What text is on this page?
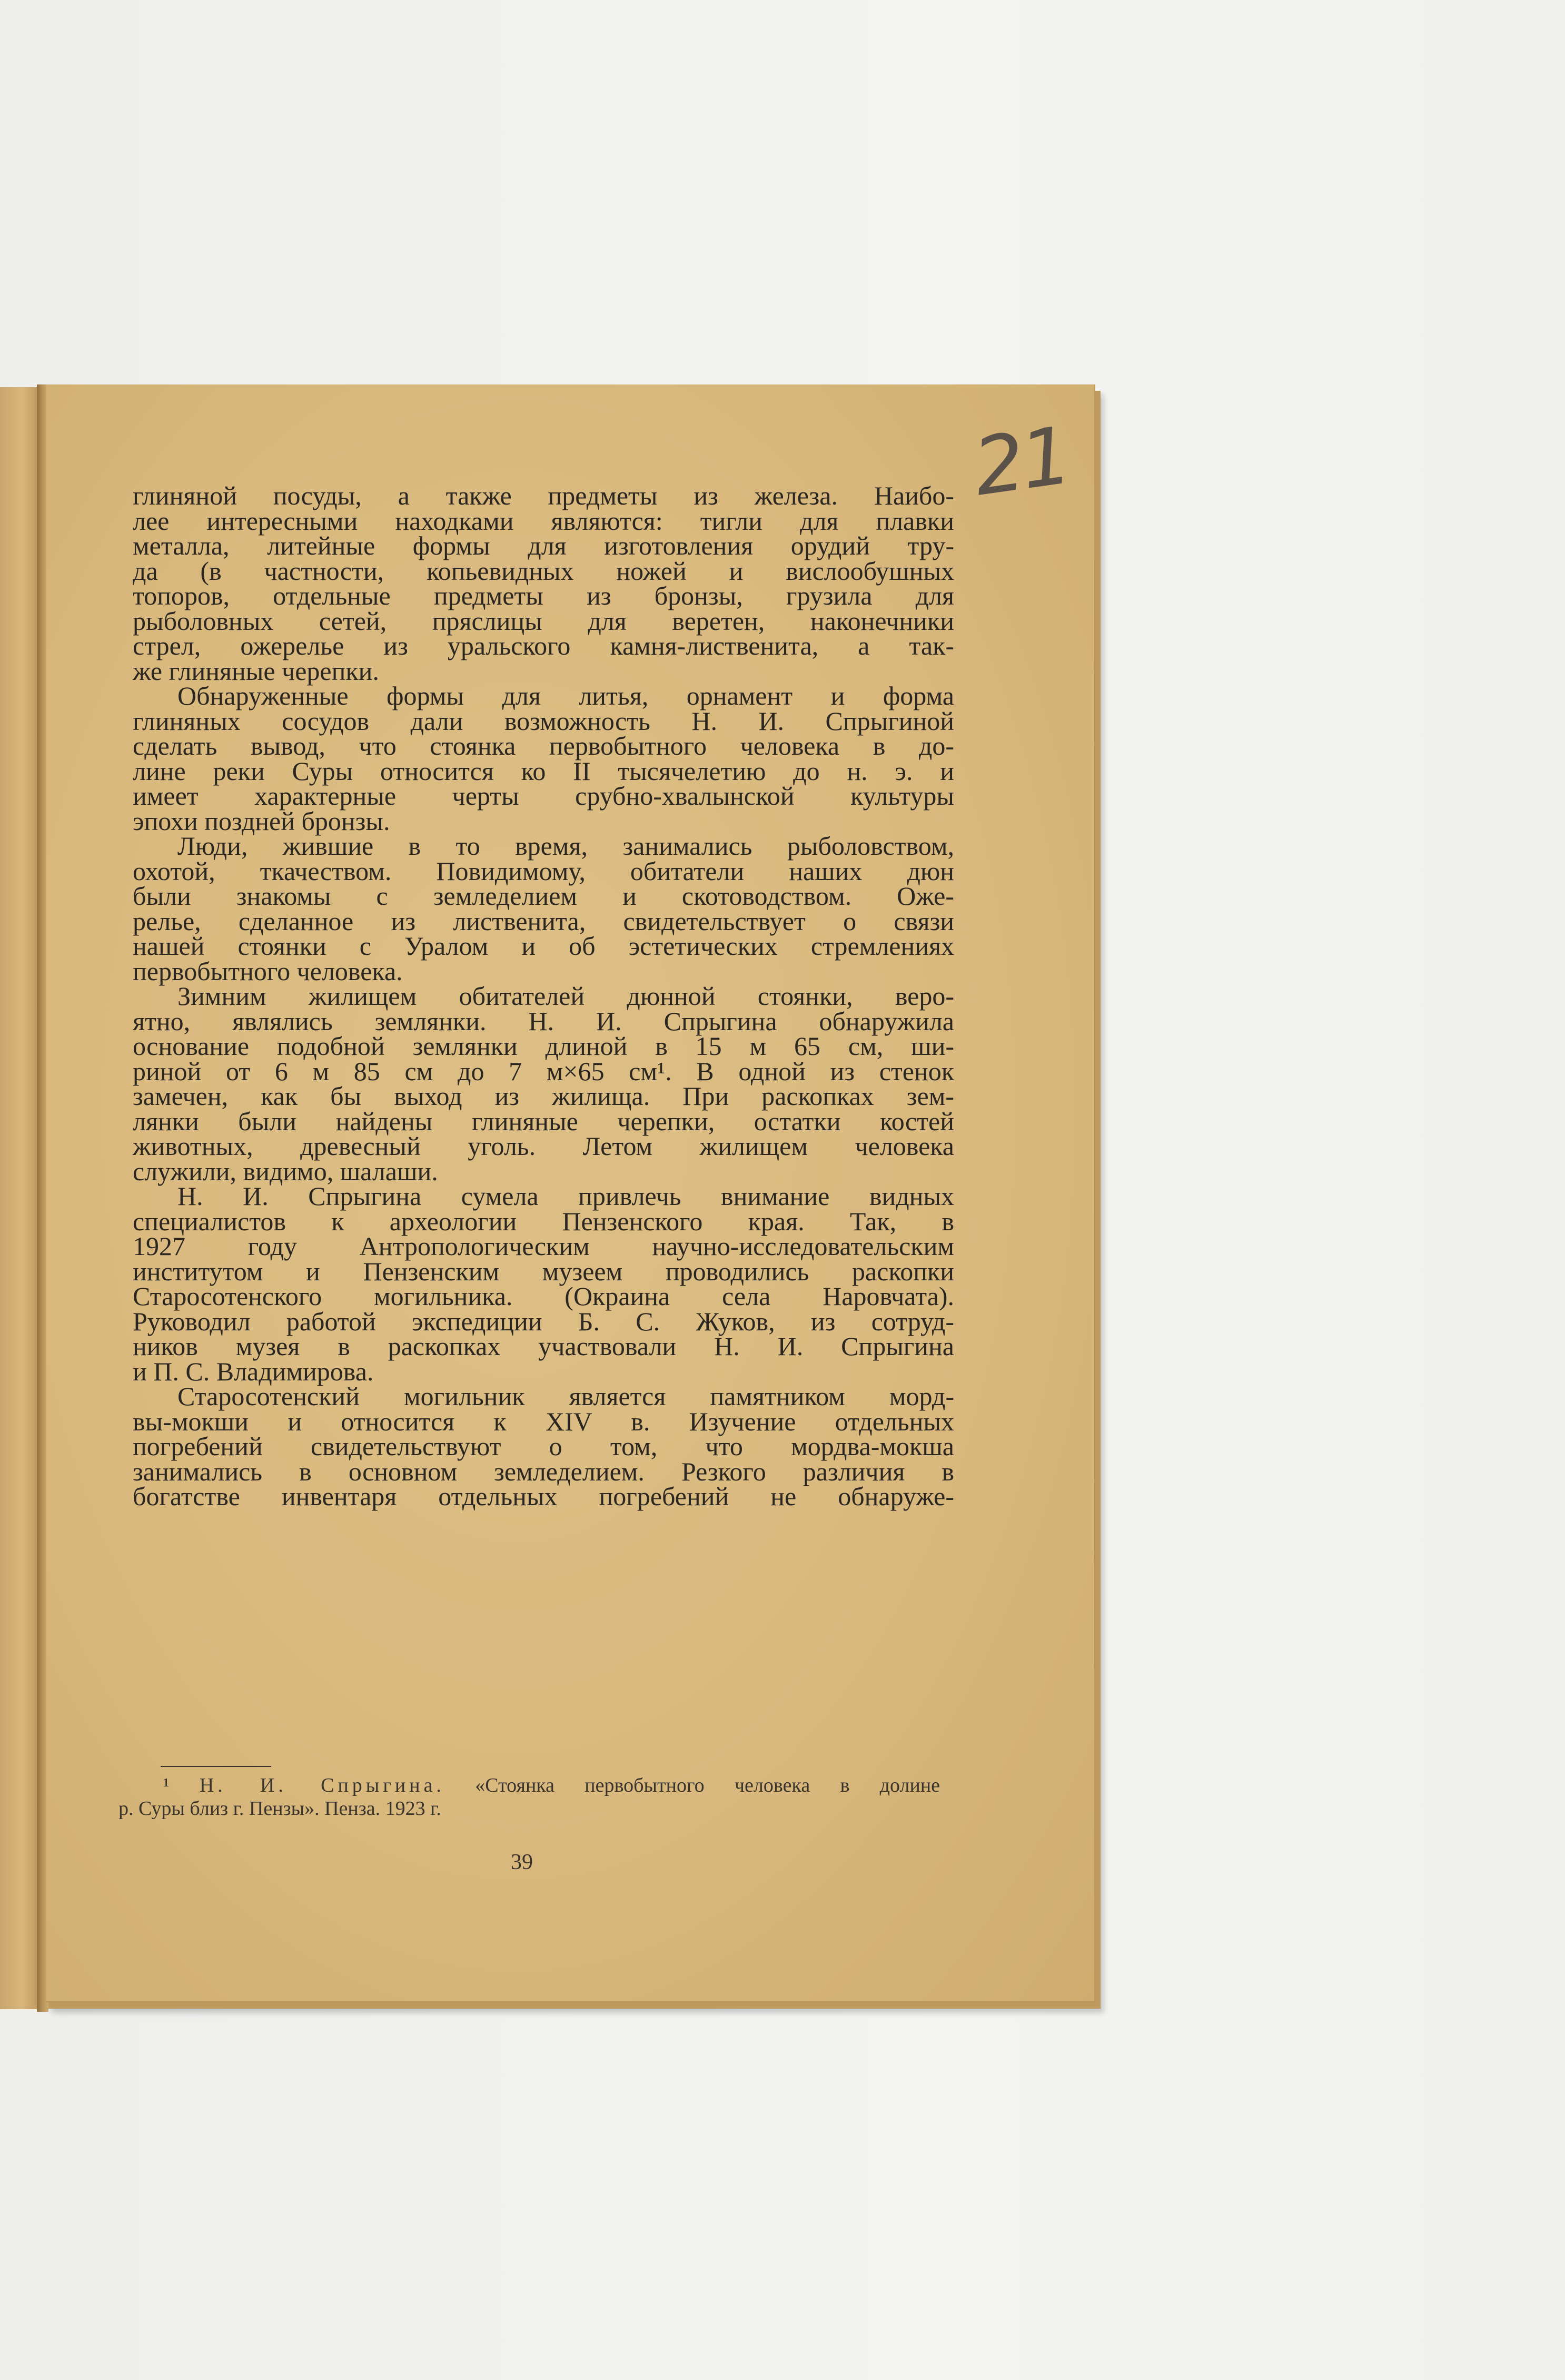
21
глиняной посуды, а также предметы из железа. Наибо-
лее интересными находками являются: тигли для плавки
металла, литейные формы для изготовления орудий тру-
да (в частности, копьевидных ножей и вислообушных
топоров, отдельные предметы из бронзы, грузила для
рыболовных сетей, пряслицы для веретен, наконечники
стрел, ожерелье из уральского камня-лиственита, а так-
же глиняные черепки.
Обнаруженные формы для литья, орнамент и форма
глиняных сосудов дали возможность Н. И. Спрыгиной
сделать вывод, что стоянка первобытного человека в до-
лине реки Суры относится ко II тысячелетию до н. э. и
имеет характерные черты срубно-хвалынской культуры
эпохи поздней бронзы.
Люди, жившие в то время, занимались рыболовством,
охотой, ткачеством. Повидимому, обитатели наших дюн
были знакомы с земледелием и скотоводством. Оже-
релье, сделанное из лиственита, свидетельствует о связи
нашей стоянки с Уралом и об эстетических стремлениях
первобытного человека.
Зимним жилищем обитателей дюнной стоянки, веро-
ятно, являлись землянки. Н. И. Спрыгина обнаружила
основание подобной землянки длиной в 15 м 65 см, ши-
риной от 6 м 85 см до 7 м×65 см¹. В одной из стенок
замечен, как бы выход из жилища. При раскопках зем-
лянки были найдены глиняные черепки, остатки костей
животных, древесный уголь. Летом жилищем человека
служили, видимо, шалаши.
Н. И. Спрыгина сумела привлечь внимание видных
специалистов к археологии Пензенского края. Так, в
1927 году Антропологическим научно-исследовательским
институтом и Пензенским музеем проводились раскопки
Старосотенского могильника. (Окраина села Наровчата).
Руководил работой экспедиции Б. С. Жуков, из сотруд-
ников музея в раскопках участвовали Н. И. Спрыгина
и П. С. Владимирова.
Старосотенский могильник является памятником морд-
вы-мокши и относится к XIV в. Изучение отдельных
погребений свидетельствуют о том, что мордва-мокша
занимались в основном земледелием. Резкого различия в
богатстве инвентаря отдельных погребений не обнаруже-
¹ Н. И. Спрыгина. «Стоянка первобытного человека в долине
р. Суры близ г. Пензы». Пенза. 1923 г.
39
